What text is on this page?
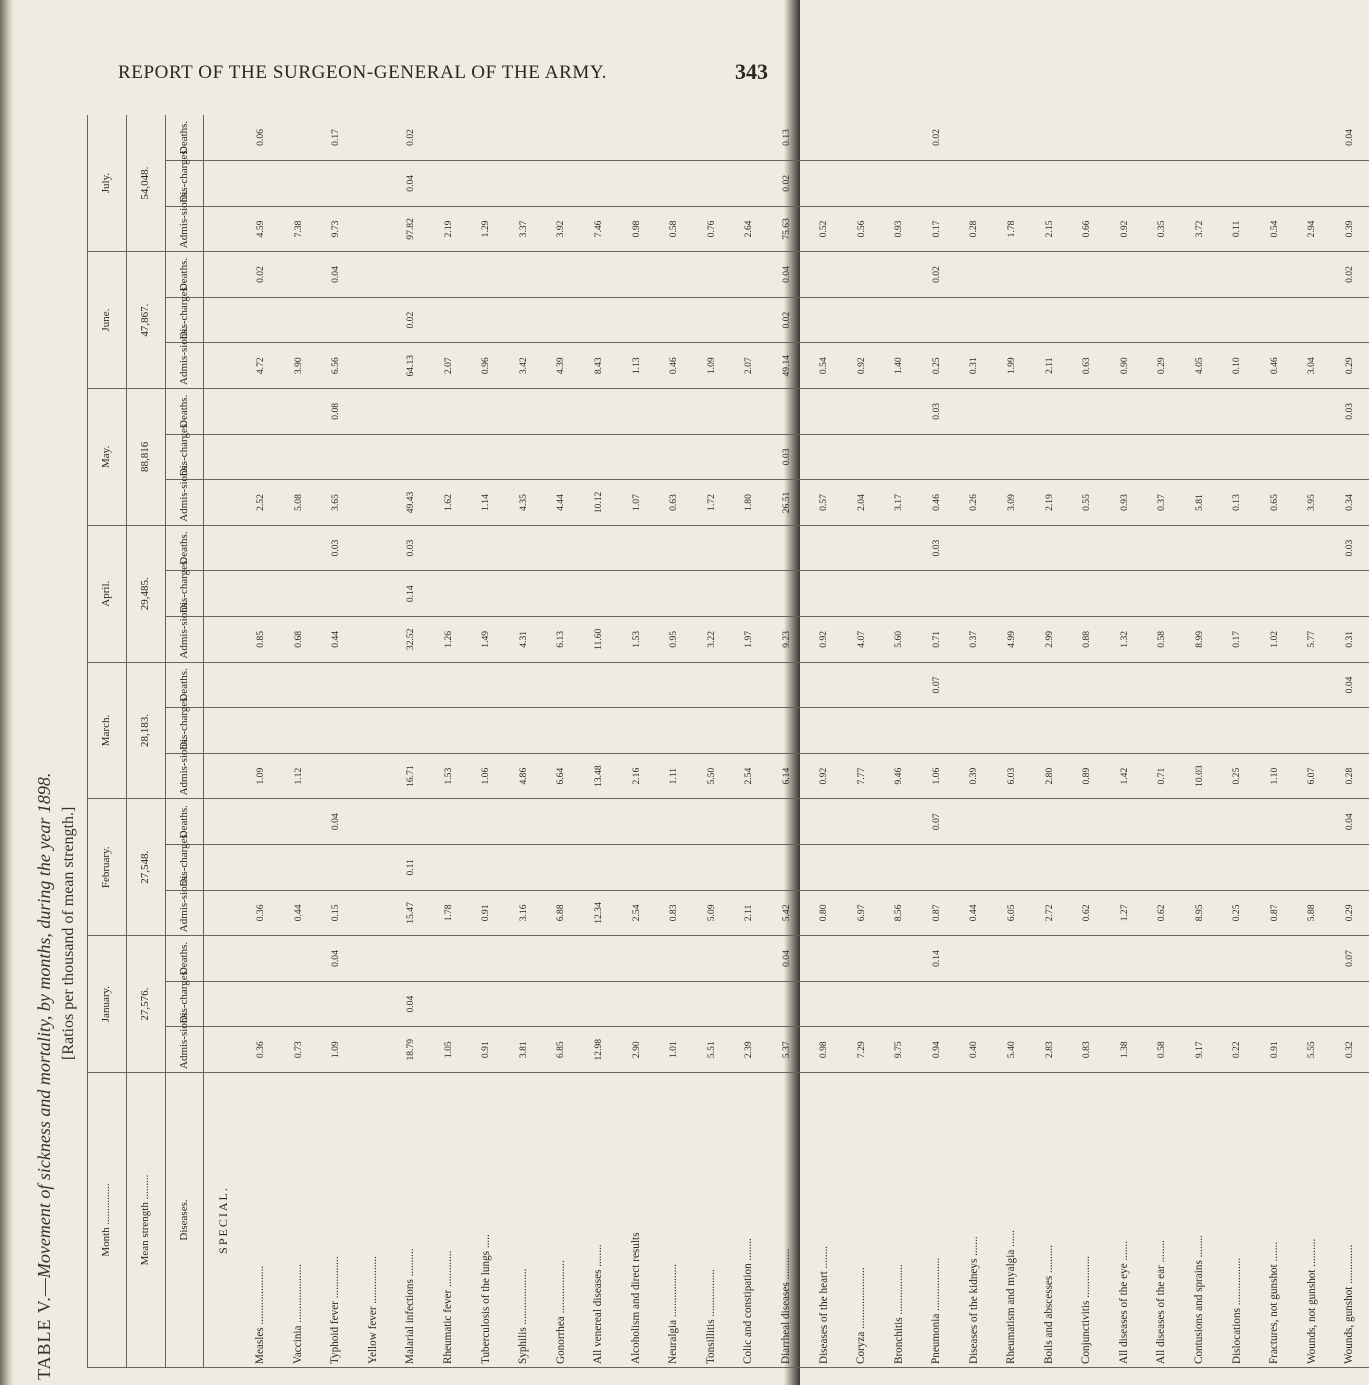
REPORT OF THE SURGEON-GENERAL OF THE ARMY.	343
TABLE V.—Movement of sickness and mortality, by months, during the year 1898. [Ratios per thousand of mean strength.]
Month ...............	January.			February.			March.			April.			May.			June.			July.		
Mean strength .........	27,576.			27,548.			28,183.			29,485.			88,816			47,867.			54,048.		
Diseases.	Admis-sions.	Dis-charges.	Deaths.	Admis-sions.	Dis-charges.	Deaths.	Admis-sions.	Dis-charges.	Deaths.	Admis-sions.	Dis-charges.	Deaths.	Admis-sions.	Dis-charges.	Deaths.	Admis-sions.	Dis-charges.	Deaths.	Admis-sions.	Dis-charges.	Deaths.
SPECIAL.																					
Measles .....................	0.36			0.36			1.09			0.85			2.52			4.72		0.02	4.59		0.06
Vaccinia .....................	0.73			0.44			1.12			0.68			5.08			3.90			7.38		
Typhoid fever ...............	1.09		0.04	0.15		0.04				0.44		0.03	3.65		0.08	6.56		0.04	9.73		0.17
Yellow fever .................																					
Malarial infections ..........	18.79	0.04		15.47	0.11		16.71			32.52	0.14	0.03	49.43			64.13	0.02		97.82	0.04	0.02
Rheumatic fever .............	1.05			1.78			1.53			1.26			1.62			2.07			2.19		
Tuberculosis of the lungs .....	0.91			0.91			1.06			1.49			1.14			0.96			1.29		
Syphilis ....................	3.81			3.16			4.86			4.31			4.35			3.42			3.37		
Gonorrhea ...................	6.85			6.88			6.64			6.13			4.44			4.39			3.92		
All venereal diseases ........	12.98			12.34			13.48			11.60			10.12			8.43			7.46		
Alcoholism and direct results	2.90			2.54			2.16			1.53			1.07			1.13			0.98		
Neuralgia ...................	1.01			0.83			1.11			0.95			0.63			0.46			0.58		
Tonsillitis .................	5.51			5.09			5.50			3.22			1.72			1.09			0.76		
Colic and constipation ........	2.39			2.11			2.54			1.97			1.80			2.07			2.64		
Diarrheal diseases ...........	5.37		0.04	5.42			6.14			9.23			26.51	0.03		49.14	0.02	0.04	75.63	0.02	0.13
Diseases of the heart ........	0.98			0.80			0.92			0.92			0.57			0.54			0.52		
Coryza ......................	7.29			6.97			7.77			4.07			2.04			0.92			0.56		
Bronchitis ..................	9.75			8.56			9.46			5.60			3.17			1.40			0.93		
Pneumonia ...................	0.94		0.14	0.87		0.07	1.06		0.07	0.71		0.03	0.46		0.03	0.25		0.02	0.17		0.02
Diseases of the kidneys .......	0.40			0.44			0.39			0.37			0.26			0.31			0.28		
Rheumatism and myalgia ......	5.40			6.05			6.03			4.99			3.09			1.99			1.78		
Boils and abscesses ..........	2.83			2.72			2.80			2.99			2.19			2.11			2.15		
Conjunctivitis ...............	0.83			0.62			0.89			0.88			0.55			0.63			0.66		
All diseases of the eye .......	1.38			1.27			1.42			1.32			0.93			0.90			0.92		
All diseases of the ear ........	0.58			0.62			0.71			0.58			0.37			0.29			0.35		
Contusions and sprains ........	9.17			8.95			10.03			8.99			5.81			4.05			3.72		
Dislocations .................	0.22			0.25			0.25			0.17			0.13			0.10			0.11		
Fractures, not gunshot .......	0.91			0.87			1.10			1.02			0.65			0.46			0.54		
Wounds, not gunshot ..........	5.55			5.88			6.07			5.77			3.95			3.04			2.94		
Wounds, gunshot ..............	0.32		0.07	0.29		0.04	0.28		0.04	0.31		0.03	0.34		0.03	0.29		0.02	0.39		0.04
